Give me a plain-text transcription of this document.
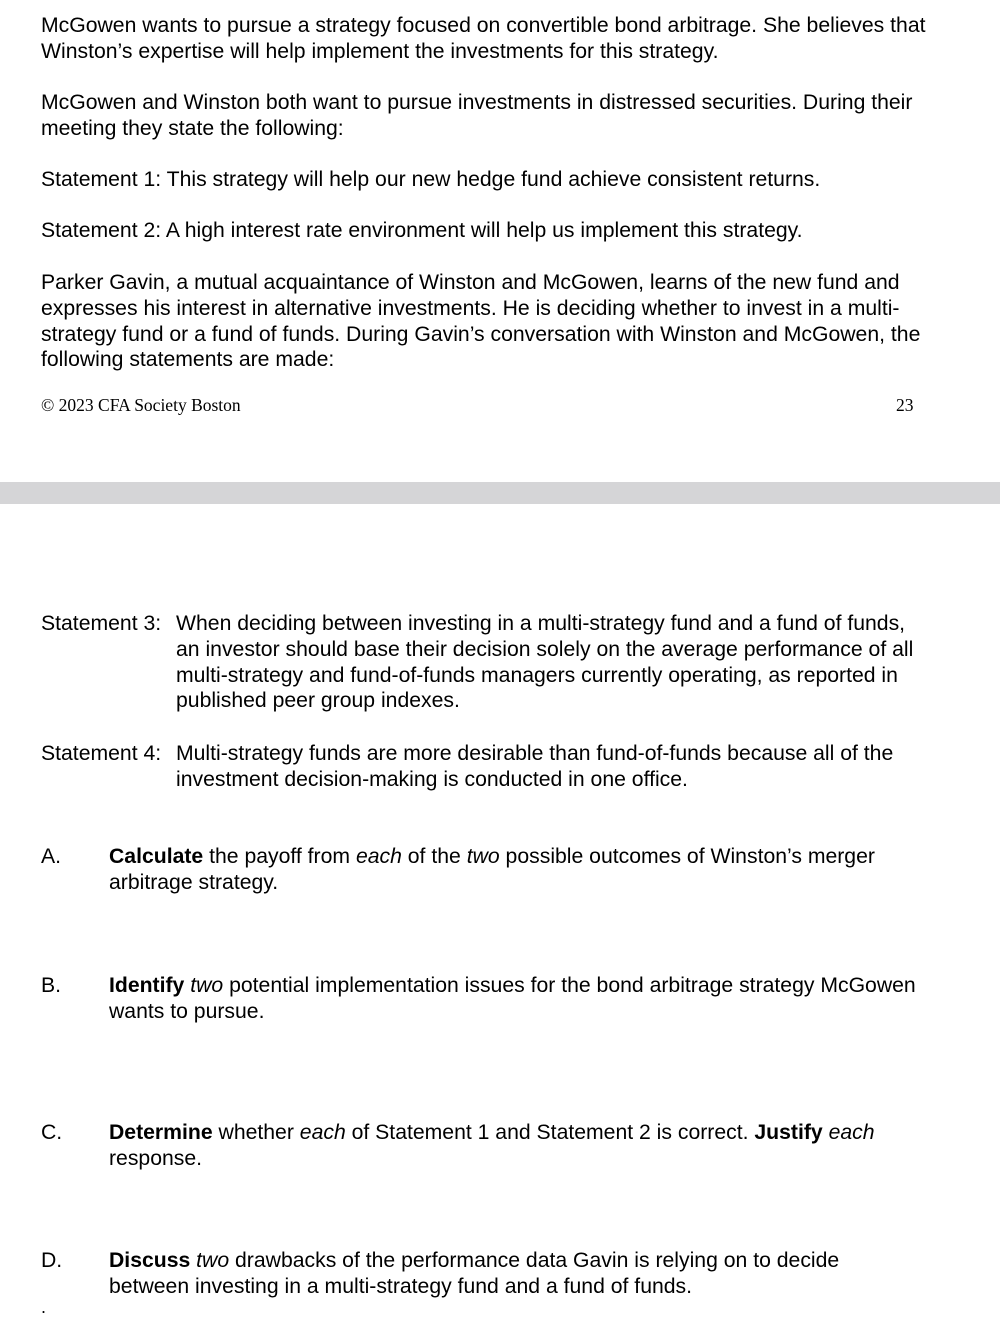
McGowen wants to pursue a strategy focused on convertible bond arbitrage. She believes that Winston’s expertise will help implement the investments for this strategy.

McGowen and Winston both want to pursue investments in distressed securities. During their meeting they state the following:

Statement 1: This strategy will help our new hedge fund achieve consistent returns.

Statement 2: A high interest rate environment will help us implement this strategy.

Parker Gavin, a mutual acquaintance of Winston and McGowen, learns of the new fund and expresses his interest in alternative investments. He is deciding whether to invest in a multi-strategy fund or a fund of funds. During Gavin’s conversation with Winston and McGowen, the following statements are made:

© 2023 CFA Society Boston	23
Statement 3: When deciding between investing in a multi-strategy fund and a fund of funds, an investor should base their decision solely on the average performance of all multi-strategy and fund-of-funds managers currently operating, as reported in published peer group indexes.
Statement 4: Multi-strategy funds are more desirable than fund-of-funds because all of the investment decision-making is conducted in one office.
A. Calculate the payoff from each of the two possible outcomes of Winston’s merger arbitrage strategy.
B. Identify two potential implementation issues for the bond arbitrage strategy McGowen wants to pursue.
C. Determine whether each of Statement 1 and Statement 2 is correct. Justify each response.
D. Discuss two drawbacks of the performance data Gavin is relying on to decide between investing in a multi-strategy fund and a fund of funds.
.
